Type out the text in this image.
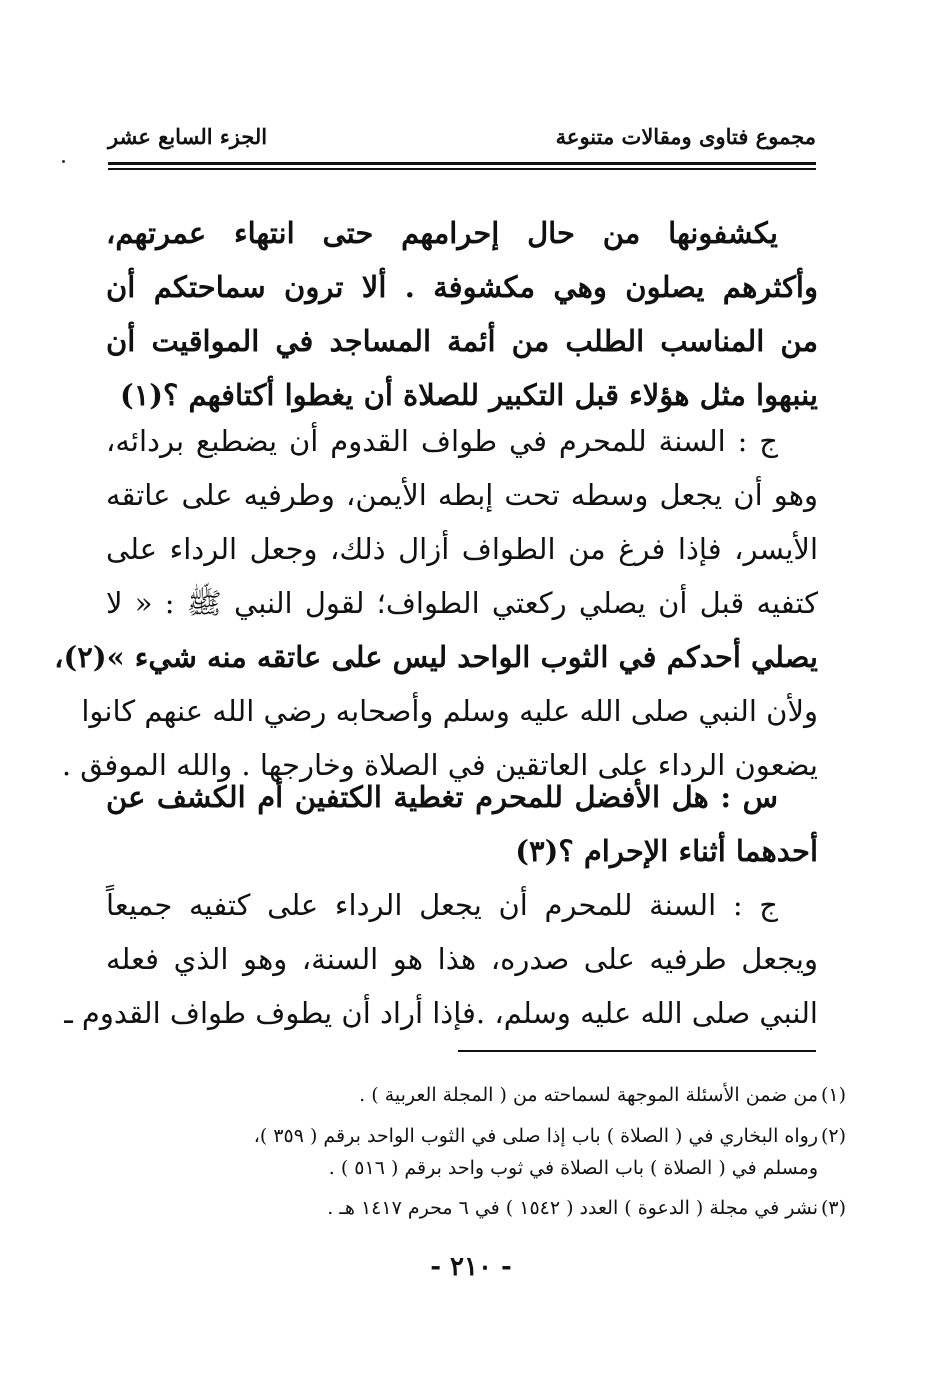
مجموع فتاوى ومقالات متنوعة
الجزء السابع عشر
يكشفونها من حال إحرامهم حتى انتهاء عمرتهم،
وأكثرهم يصلون وهي مكشوفة . ألا ترون سماحتكم أن
من المناسب الطلب من أئمة المساجد في المواقيت أن
ينبهوا مثل هؤلاء قبل التكبير للصلاة أن يغطوا أكتافهم ؟(١)
ج : السنة للمحرم في طواف القدوم أن يضطبع بردائه،
وهو أن يجعل وسطه تحت إبطه الأيمن، وطرفيه على عاتقه
الأيسر، فإذا فرغ من الطواف أزال ذلك، وجعل الرداء على
كتفيه قبل أن يصلي ركعتي الطواف؛ لقول النبي ﷺ : « لا
يصلي أحدكم في الثوب الواحد ليس على عاتقه منه شيء »(٢)،
ولأن النبي صلى الله عليه وسلم وأصحابه رضي الله عنهم كانوا
يضعون الرداء على العاتقين في الصلاة وخارجها . والله الموفق .
س : هل الأفضل للمحرم تغطية الكتفين أم الكشف عن
أحدهما أثناء الإحرام ؟(٣)
ج : السنة للمحرم أن يجعل الرداء على كتفيه جميعاً
ويجعل طرفيه على صدره، هذا هو السنة، وهو الذي فعله
النبي صلى الله عليه وسلم، .فإذا أراد أن يطوف طواف القدوم ـ
(١)
من ضمن الأسئلة الموجهة لسماحته من ( المجلة العربية ) .
(٢)
رواه البخاري في ( الصلاة ) باب إذا صلى في الثوب الواحد برقم ( ٣٥٩ )،
ومسلم في ( الصلاة ) باب الصلاة في ثوب واحد برقم ( ٥١٦ ) .
(٣)
نشر في مجلة ( الدعوة ) العدد ( ١٥٤٢ ) في ٦ محرم ١٤١٧ هـ .
- ٢١٠ -
